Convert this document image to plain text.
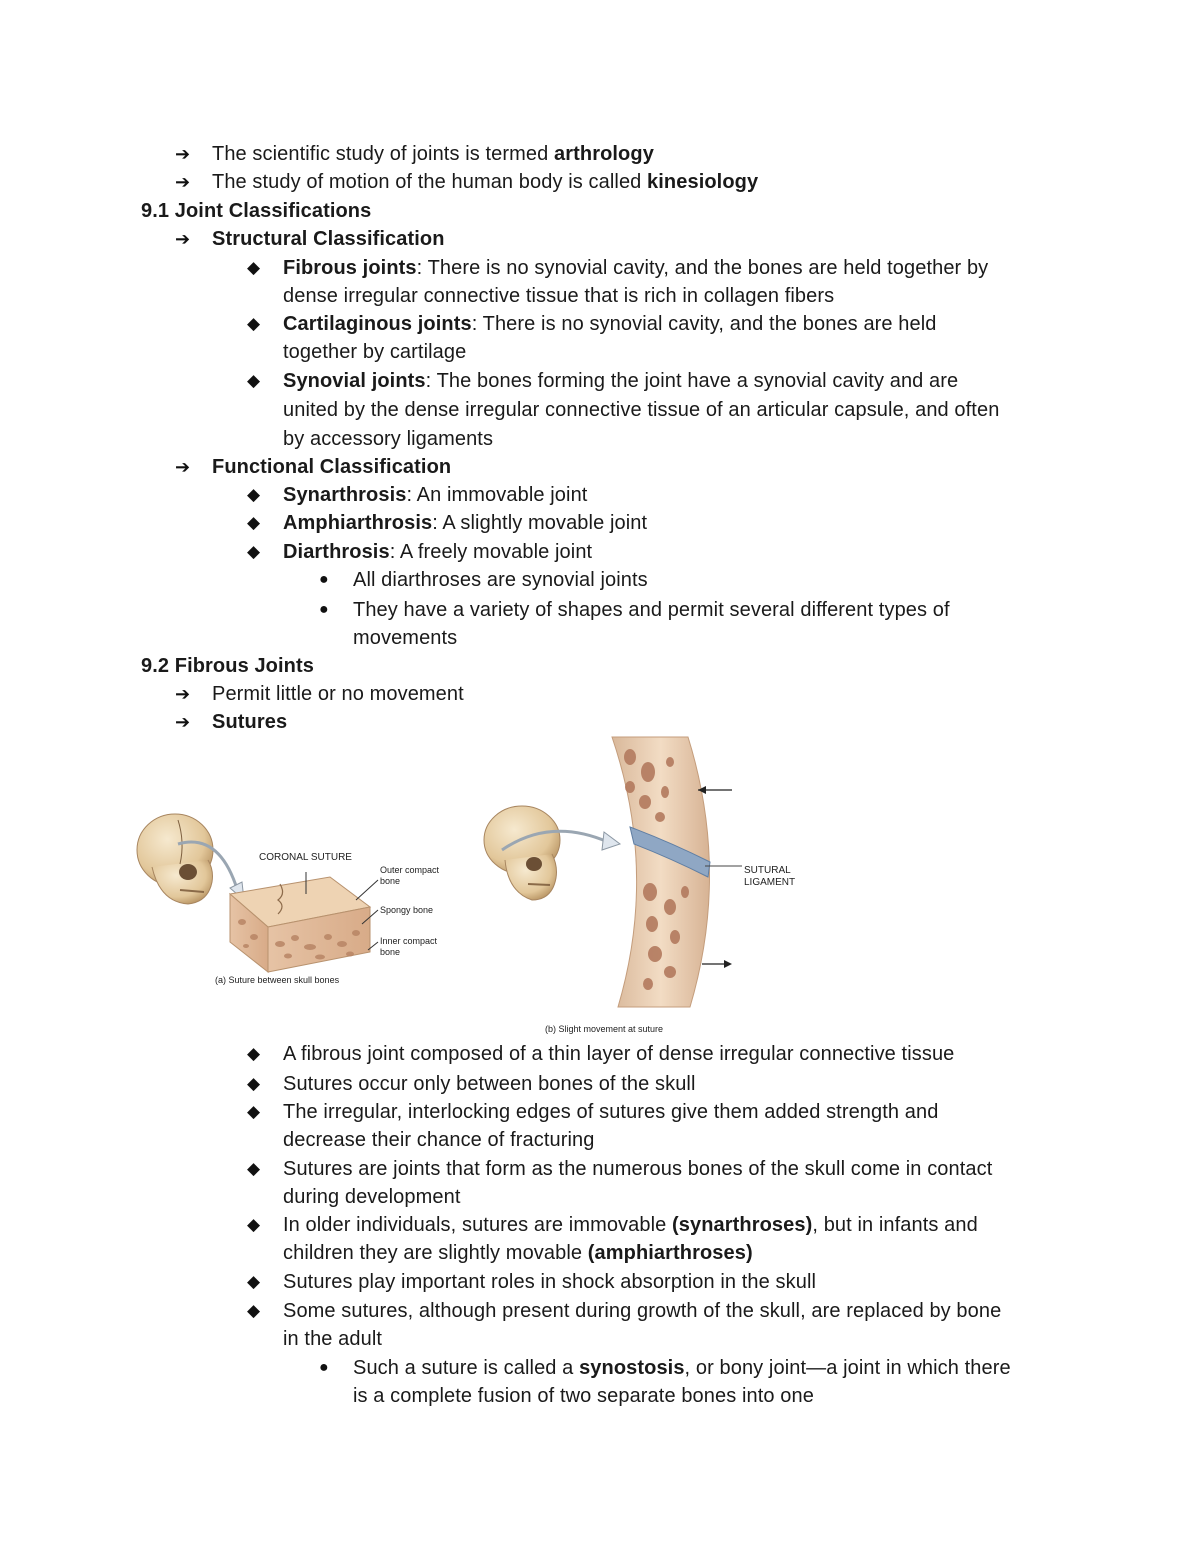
➔ The scientific study of joints is termed arthrology
➔ The study of motion of the human body is called kinesiology
9.1 Joint Classifications
➔ Structural Classification
◆ Fibrous joints: There is no synovial cavity, and the bones are held together by
dense irregular connective tissue that is rich in collagen fibers
◆ Cartilaginous joints: There is no synovial cavity, and the bones are held
together by cartilage
◆ Synovial joints: The bones forming the joint have a synovial cavity and are
united by the dense irregular connective tissue of an articular capsule, and often
by accessory ligaments
➔ Functional Classification
◆ Synarthrosis: An immovable joint
◆ Amphiarthrosis: A slightly movable joint
◆ Diarthrosis: A freely movable joint
● All diarthroses are synovial joints
● They have a variety of shapes and permit several different types of
movements
9.2 Fibrous Joints
➔ Permit little or no movement
➔ Sutures
CORONAL SUTURE
Outer compact
bone
Spongy bone
Inner compact
bone
(a) Suture between skull bones
SUTURAL
LIGAMENT
(b) Slight movement at suture
◆ A fibrous joint composed of a thin layer of dense irregular connective tissue
◆ Sutures occur only between bones of the skull
◆ The irregular, interlocking edges of sutures give them added strength and
decrease their chance of fracturing
◆ Sutures are joints that form as the numerous bones of the skull come in contact
during development
◆ In older individuals, sutures are immovable (synarthroses), but in infants and
children they are slightly movable (amphiarthroses)
◆ Sutures play important roles in shock absorption in the skull
◆ Some sutures, although present during growth of the skull, are replaced by bone
in the adult
● Such a suture is called a synostosis, or bony joint—a joint in which there
is a complete fusion of two separate bones into one
